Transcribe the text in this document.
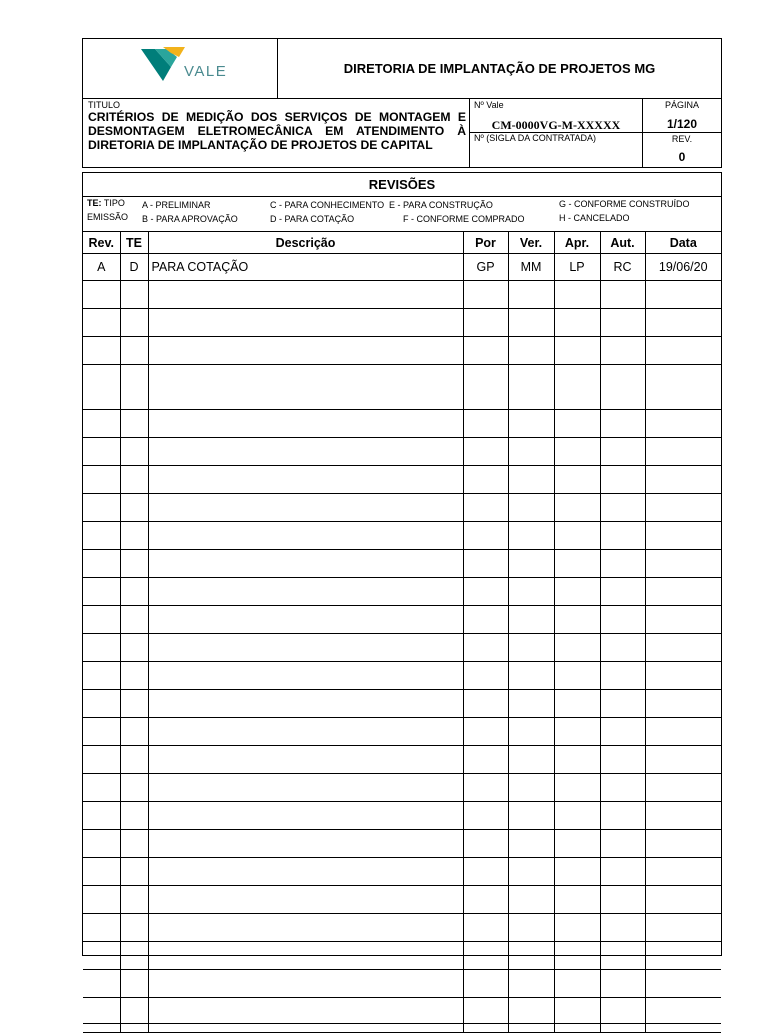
VALE	DIRETORIA DE IMPLANTAÇÃO DE PROJETOS MG
TITULO
CRITÉRIOS DE MEDIÇÃO DOS SERVIÇOS DE MONTAGEM E
DESMONTAGEM ELETROMECÂNICA EM ATENDIMENTO À
DIRETORIA DE IMPLANTAÇÃO DE PROJETOS DE CAPITAL
Nº Vale
CM-0000VG-M-XXXXX
Nº (SIGLA DA CONTRATADA)
PÁGINA
1/120
REV.
0
REVISÕES
TE: TIPO
EMISSÃO
A - PRELIMINAR
B - PARA APROVAÇÃO
C - PARA CONHECIMENTO
D - PARA COTAÇÃO
E - PARA CONSTRUÇÃO
F - CONFORME COMPRADO
G - CONFORME CONSTRUÍDO
H - CANCELADO
Rev.	TE	Descrição	Por	Ver.	Apr.	Aut.	Data
A	D	PARA COTAÇÃO	GP	MM	LP	RC	19/06/20
